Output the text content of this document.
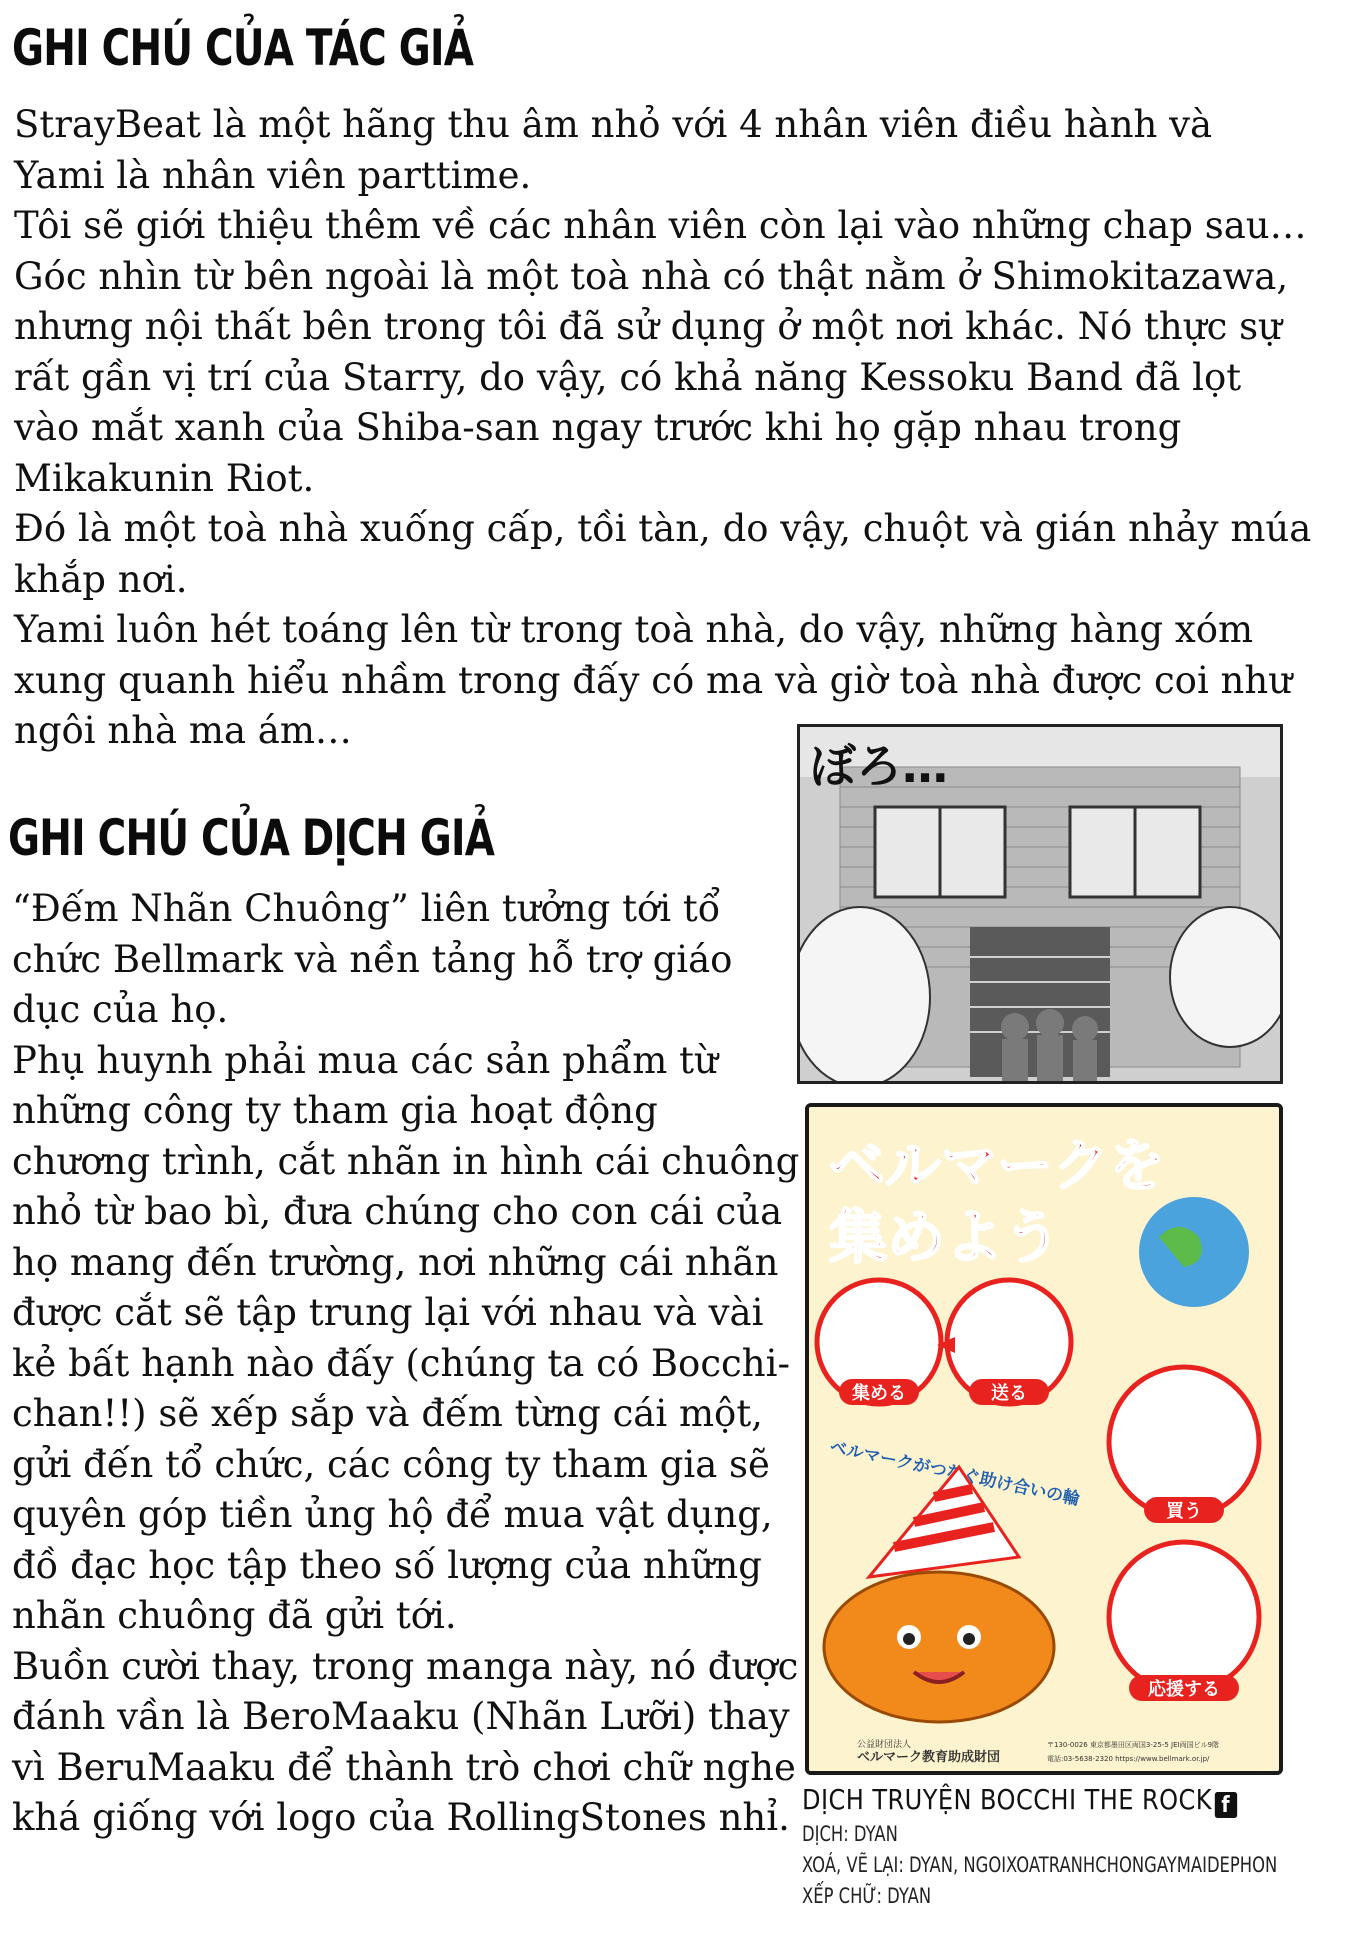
GHI CHÚ CỦA TÁC GIẢ

StrayBeat là một hãng thu âm nhỏ với 4 nhân viên điều hành và Yami là nhân viên parttime.

Tôi sẽ giới thiệu thêm về các nhân viên còn lại vào những chap sau…

Góc nhìn từ bên ngoài là một toà nhà có thật nằm ở Shimokitazawa, nhưng nội thất bên trong tôi đã sử dụng ở một nơi khác. Nó thực sự rất gần vị trí của Starry, do vậy, có khả năng Kessoku Band đã lọt vào mắt xanh của Shiba-san ngay trước khi họ gặp nhau trong Mikakunin Riot.

Đó là một toà nhà xuống cấp, tồi tàn, do vậy, chuột và gián nhảy múa khắp nơi.

Yami luôn hét toáng lên từ trong toà nhà, do vậy, những hàng xóm xung quanh hiểu nhầm trong đấy có ma và giờ toà nhà được coi như ngôi nhà ma ám…

GHI CHÚ CỦA DỊCH GIẢ

“Đếm Nhãn Chuông” liên tưởng tới tổ chức Bellmark và nền tảng hỗ trợ giáo dục của họ.

Phụ huynh phải mua các sản phẩm từ những công ty tham gia hoạt động chương trình, cắt nhãn in hình cái chuông nhỏ từ bao bì, đưa chúng cho con cái của họ mang đến trường, nơi những cái nhãn được cắt sẽ tập trung lại với nhau và vài kẻ bất hạnh nào đấy (chúng ta có Bocchi-chan!!) sẽ xếp sắp và đếm từng cái một, gửi đến tổ chức, các công ty tham gia sẽ quyên góp tiền ủng hộ để mua vật dụng, đồ đạc học tập theo số lượng của những nhãn chuông đã gửi tới.

Buồn cười thay, trong manga này, nó được đánh vần là BeroMaaku (Nhãn Lưỡi) thay vì BeruMaaku để thành trò chơi chữ nghe khá giống với logo của RollingStones nhỉ.

ぼろ…
ベルマークを
集めよう
集める	送る
買う
応援する
公益財団法人
ベルマーク教育助成財団
〒130-0026 東京都墨田区両国3-25-5 JEI両国ビル9階
電話:03-5638-2320 https://www.bellmark.or.jp/
DỊCH TRUYỆN BOCCHI THE ROCK f
DỊCH: DYAN
XOÁ, VẼ LẠI: DYAN, NGOIXOATRANHCHONGAYMAIDEPHON
XẾP CHỮ: DYAN
